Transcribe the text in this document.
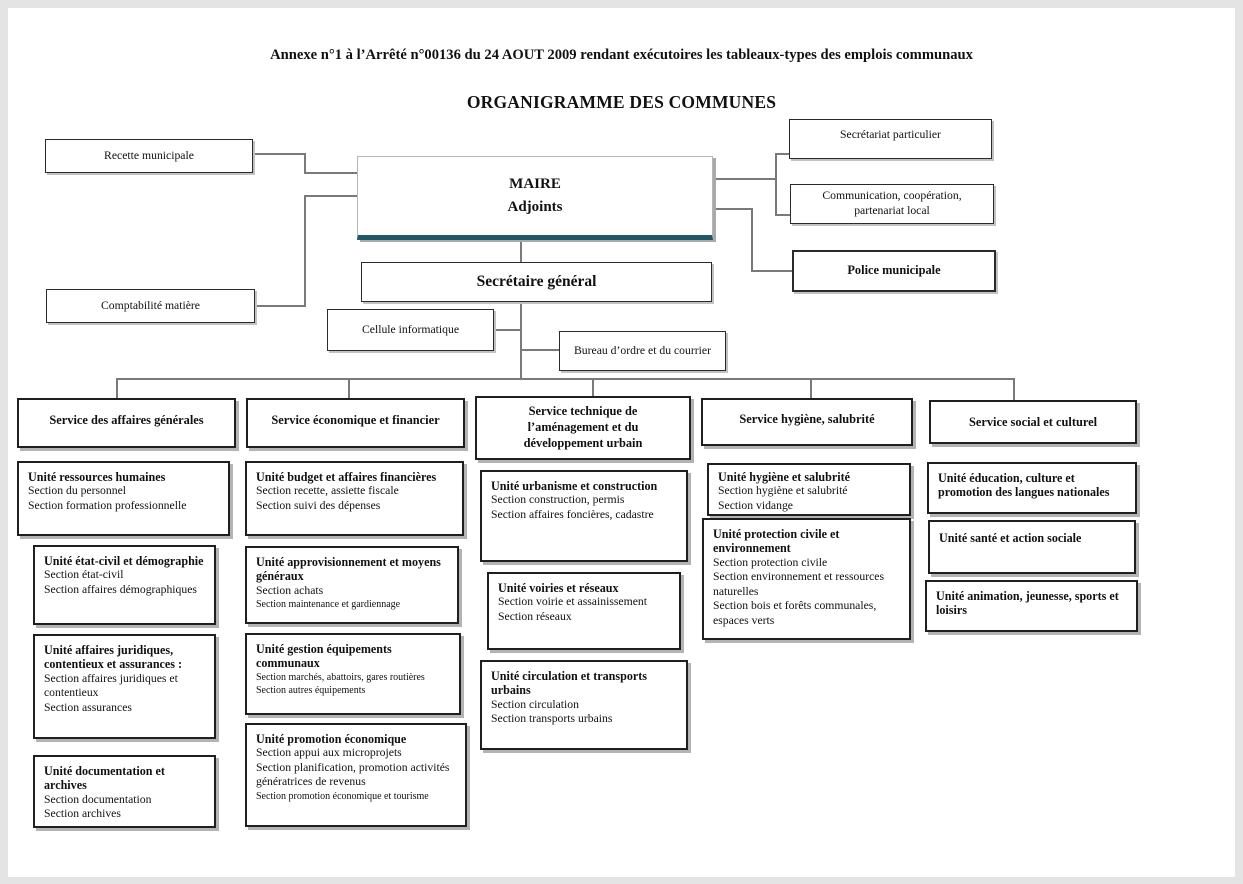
Annexe n°1 à l’Arrêté n°00136 du 24 AOUT 2009 rendant exécutoires les tableaux-types des emplois communaux
ORGANIGRAMME DES COMMUNES
Recette municipale
Comptabilité matière
MAIRE
Adjoints
Secrétariat particulier
Communication, coopération, partenariat local
Police municipale
Secrétaire général
Cellule informatique
Bureau d’ordre et du courrier
Service des affaires générales	Service économique et financier
Service technique de l’aménagement et du développement urbain
Service hygiène, salubrité	Service social et culturel
Unité ressources humaines
Section du personnel
Section formation professionnelle
Unité état-civil et démographie
Section état-civil
Section affaires démographiques
Unité affaires juridiques, contentieux et assurances :
Section affaires juridiques et contentieux
Section assurances
Unité documentation et archives
Section documentation
Section archives
Unité budget et affaires financières
Section recette, assiette fiscale
Section suivi des dépenses
Unité approvisionnement et moyens généraux
Section achats
Section maintenance et gardiennage
Unité gestion équipements communaux
Section marchés, abattoirs, gares routières
Section autres équipements
Unité promotion économique
Section appui aux microprojets
Section planification, promotion activités génératrices de revenus
Section promotion économique et tourisme
Unité urbanisme et construction
Section construction, permis
Section affaires foncières, cadastre
Unité voiries et réseaux
Section voirie et assainissement
Section réseaux
Unité circulation et transports urbains
Section circulation
Section transports urbains
Unité hygiène et salubrité
Section hygiène et salubrité
Section vidange
Unité protection civile et environnement
Section protection civile
Section environnement et ressources naturelles
Section bois et forêts communales, espaces verts
Unité éducation, culture et promotion des langues nationales
Unité santé et action sociale
Unité animation, jeunesse, sports et loisirs
